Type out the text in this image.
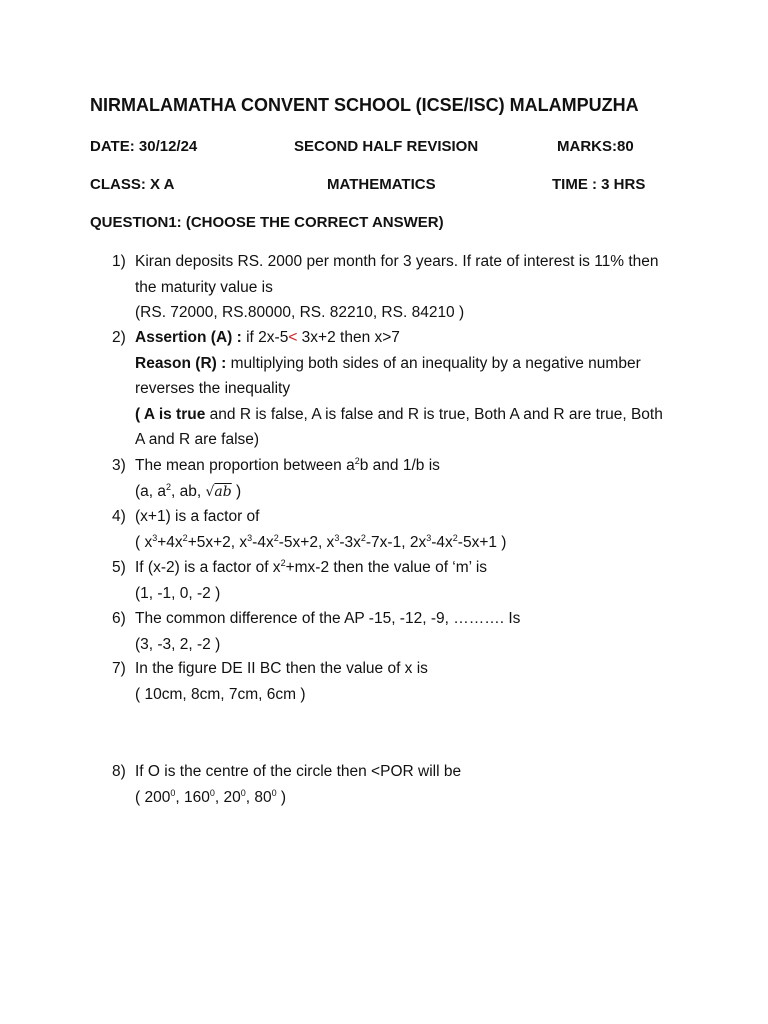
NIRMALAMATHA CONVENT SCHOOL (ICSE/ISC) MALAMPUZHA
DATE: 30/12/24	SECOND HALF REVISION	MARKS:80
CLASS: X A	MATHEMATICS	TIME : 3 HRS
QUESTION1: (CHOOSE THE CORRECT ANSWER)
1) Kiran deposits RS. 2000 per month for 3 years. If rate of interest is 11% then
the maturity value is
(RS. 72000, RS.80000, RS. 82210, RS. 84210 )
2) Assertion (A) : if 2x-5< 3x+2 then x>7
Reason (R) : multiplying both sides of an inequality by a negative number
reverses the inequality
( A is true and R is false, A is false and R is true, Both A and R are true, Both
A and R are false)
3) The mean proportion between $a^2b$ and 1/b is
(a, $a^2$, ab, √ab )
4) (x+1) is a factor of
( $x^3+4x^2+5x+2$, $x^3-4x^2-5x+2$, $x^3-3x^2-7x-1$, $2x^3-4x^2-5x+1$ )
5) If (x-2) is a factor of $x^2+mx-2$ then the value of ‘m’ is
(1, -1, 0, -2 )
6) The common difference of the AP -15, -12, -9, ………. Is
(3, -3, 2, -2 )
7) In the figure DE II BC then the value of x is
( 10cm, 8cm, 7cm, 6cm )
8) If O is the centre of the circle then <POR will be
( $200^0$, $160^0$, $20^0$, $80^0$ )
